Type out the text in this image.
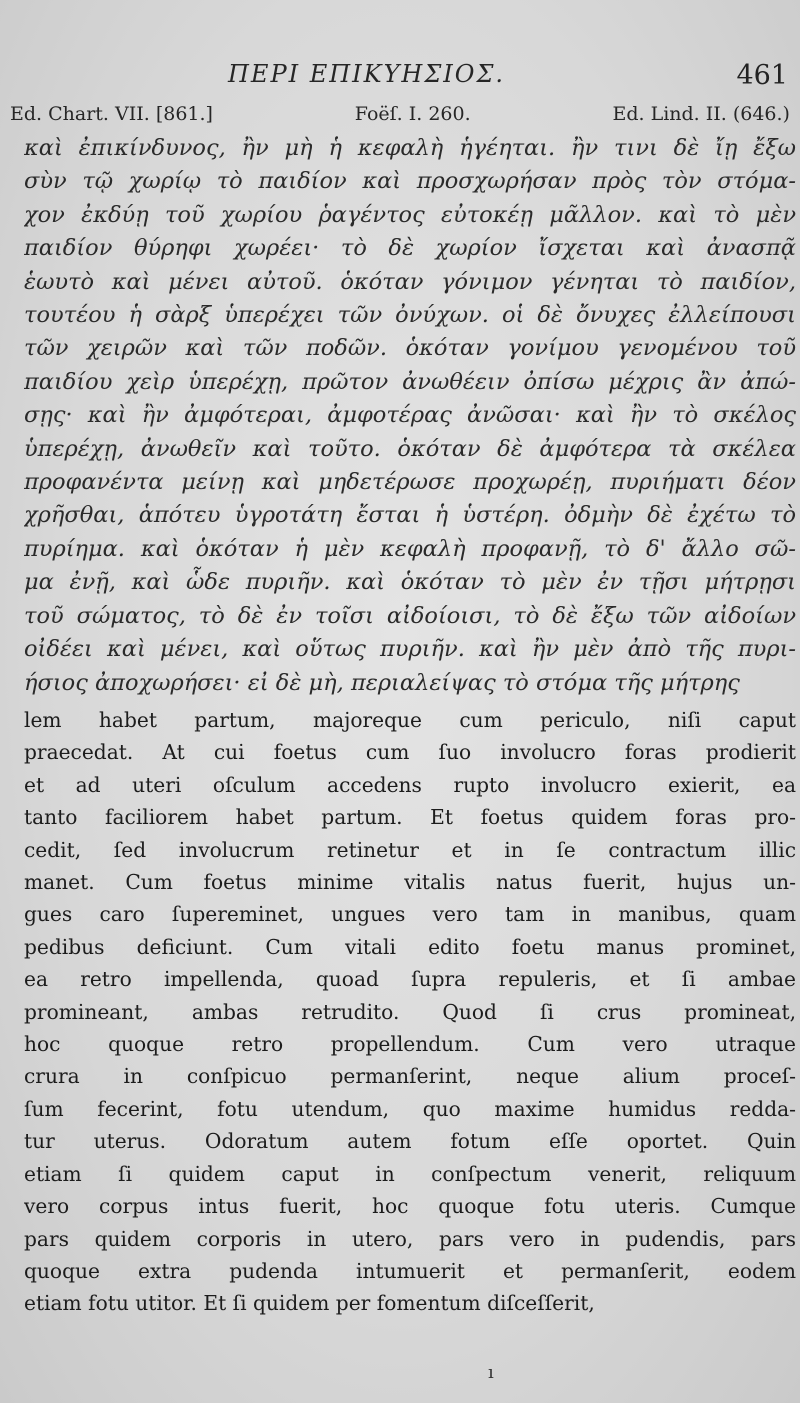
ΠΕΡΙ ΕΠΙΚΥΗΣΙΟΣ.	461
Ed. Chart. VII. [861.]	Foëſ. I. 260.	Ed. Lind. II. (646.)
καὶ ἐπικίνδυνος, ἢν μὴ ἡ κεφαλὴ ἡγέηται. ἢν τινι δὲ ἴῃ ἔξω
σὺν τῷ χωρίῳ τὸ παιδίον καὶ προσχωρήσαν πρὸς τὸν στόμα-
χον ἐκδύῃ τοῦ χωρίου ῥαγέντος εὐτοκέῃ μᾶλλον. καὶ τὸ μὲν
παιδίον θύρηφι χωρέει· τὸ δὲ χωρίον ἴσχεται καὶ ἀνασπᾷ
ἑωυτὸ καὶ μένει αὐτοῦ. ὁκόταν γόνιμον γένηται τὸ παιδίον,
τουτέου ἡ σὰρξ ὑπερέχει τῶν ὀνύχων. οἱ δὲ ὄνυχες ἐλλείπουσι
τῶν χειρῶν καὶ τῶν ποδῶν. ὁκόταν γονίμου γενομένου τοῦ
παιδίου χεὶρ ὑπερέχῃ, πρῶτον ἀνωθέειν ὀπίσω μέχρις ἂν ἀπώ-
σῃς· καὶ ἢν ἀμφότεραι, ἀμφοτέρας ἀνῶσαι· καὶ ἢν τὸ σκέλος
ὑπερέχῃ, ἀνωθεῖν καὶ τοῦτο. ὁκόταν δὲ ἀμφότερα τὰ σκέλεα
προφανέντα μείνῃ καὶ μηδετέρωσε προχωρέῃ, πυριήματι δέον
χρῆσθαι, ἁπότευ ὑγροτάτη ἔσται ἡ ὑστέρη. ὀδμὴν δὲ ἐχέτω τὸ
πυρίημα. καὶ ὁκόταν ἡ μὲν κεφαλὴ προφανῇ, τὸ δ' ἄλλο σῶ-
μα ἐνῇ, καὶ ὧδε πυριῆν. καὶ ὁκόταν τὸ μὲν ἐν τῇσι μήτρῃσι
τοῦ σώματος, τὸ δὲ ἐν τοῖσι αἰδοίοισι, τὸ δὲ ἔξω τῶν αἰδοίων
οἰδέει καὶ μένει, καὶ οὕτως πυριῆν. καὶ ἢν μὲν ἀπὸ τῆς πυρι-
ήσιος ἀποχωρήσει· εἰ δὲ μὴ, περιαλείψας τὸ στόμα τῆς μήτρης
lem habet partum, majoreque cum periculo, niſi caput
praecedat. At cui foetus cum ſuo involucro foras prodierit
et ad uteri oſculum accedens rupto involucro exierit, ea
tanto faciliorem habet partum. Et foetus quidem foras pro-
cedit, ſed involucrum retinetur et in ſe contractum illic
manet. Cum foetus minime vitalis natus fuerit, hujus un-
gues caro ſupereminet, ungues vero tam in manibus, quam
pedibus deficiunt. Cum vitali edito foetu manus prominet,
ea retro impellenda, quoad ſupra repuleris, et ſi ambae
promineant, ambas retrudito. Quod ſi crus promineat,
hoc quoque retro propellendum. Cum vero utraque
crura in conſpicuo permanſerint, neque alium proceſ-
ſum fecerint, fotu utendum, quo maxime humidus redda-
tur uterus. Odoratum autem fotum eſſe oportet. Quin
etiam ſi quidem caput in conſpectum venerit, reliquum
vero corpus intus fuerit, hoc quoque fotu uteris. Cumque
pars quidem corporis in utero, pars vero in pudendis, pars
quoque extra pudenda intumuerit et permanſerit, eodem
etiam fotu utitor. Et ſi quidem per fomentum diſceſſerit,
ı
